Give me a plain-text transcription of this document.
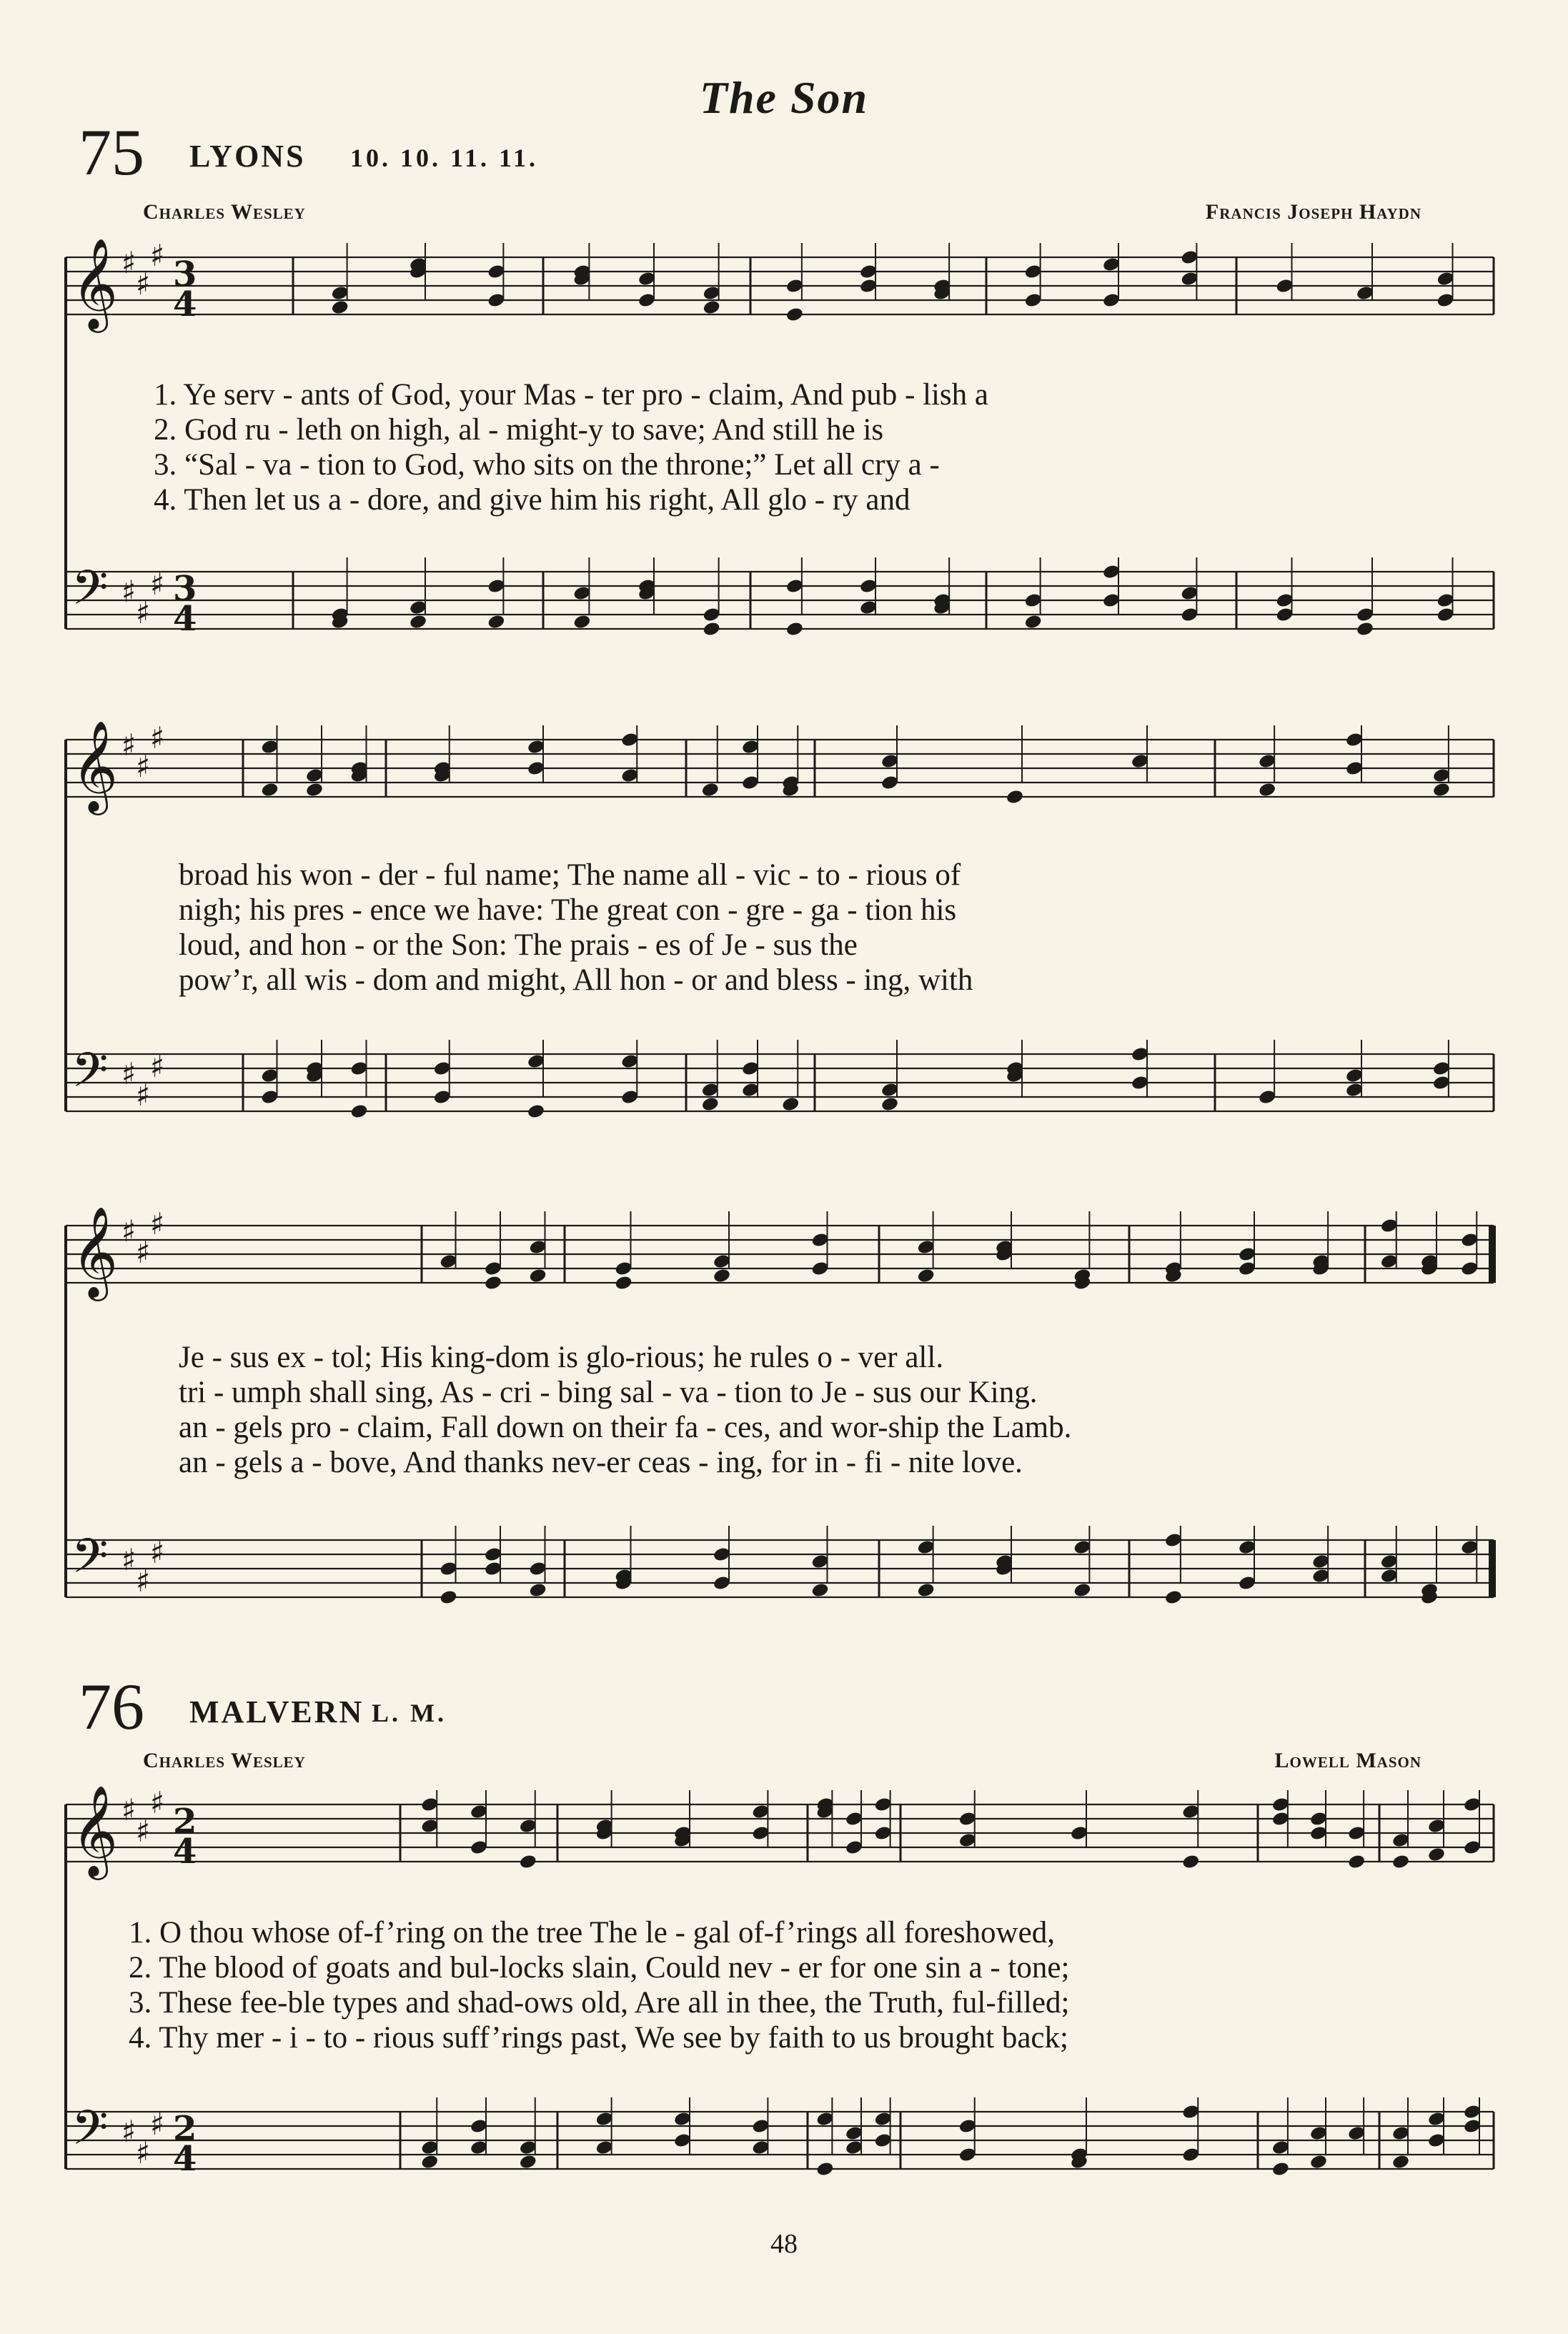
The Son
75 LYONS 10. 10. 11. 11.
Charles Wesley	Francis Joseph Haydn
1. Ye serv - ants of God, your Mas - ter pro - claim, And pub - lish a
2. God ru - leth on high, al - might-y to save; And still he is
3. “Sal - va - tion to God, who sits on the throne;” Let all cry a -
4. Then let us a - dore, and give him his right, All glo - ry and
broad his won - der - ful name; The name all - vic - to - rious of
nigh; his pres - ence we have: The great con - gre - ga - tion his
loud, and hon - or the Son: The prais - es of Je - sus the
pow’r, all wis - dom and might, All hon - or and bless - ing, with
Je - sus ex - tol; His king-dom is glo-rious; he rules o - ver all.
tri - umph shall sing, As - cri - bing sal - va - tion to Je - sus our King.
an - gels pro - claim, Fall down on their fa - ces, and wor-ship the Lamb.
an - gels a - bove, And thanks nev-er ceas - ing, for in - fi - nite love.
76 MALVERN L. M.
Charles Wesley	Lowell Mason
1. O thou whose of-f’ring on the tree The le - gal of-f’rings all foreshowed,
2. The blood of goats and bul-locks slain, Could nev - er for one sin a - tone;
3. These fee-ble types and shad-ows old, Are all in thee, the Truth, ful-filled;
4. Thy mer - i - to - rious suff’rings past, We see by faith to us brought back;
𝄞 ♯
♯
♯ 3
4
𝄢 ♯
♯
♯ 3
4
𝄞 ♯
♯
♯
𝄢 ♯
♯
♯
𝄞 ♯
♯
♯
𝄢 ♯
♯
♯
𝄞 ♯
♯
♯ 2
4
𝄢 ♯
♯
♯ 2
4
48
